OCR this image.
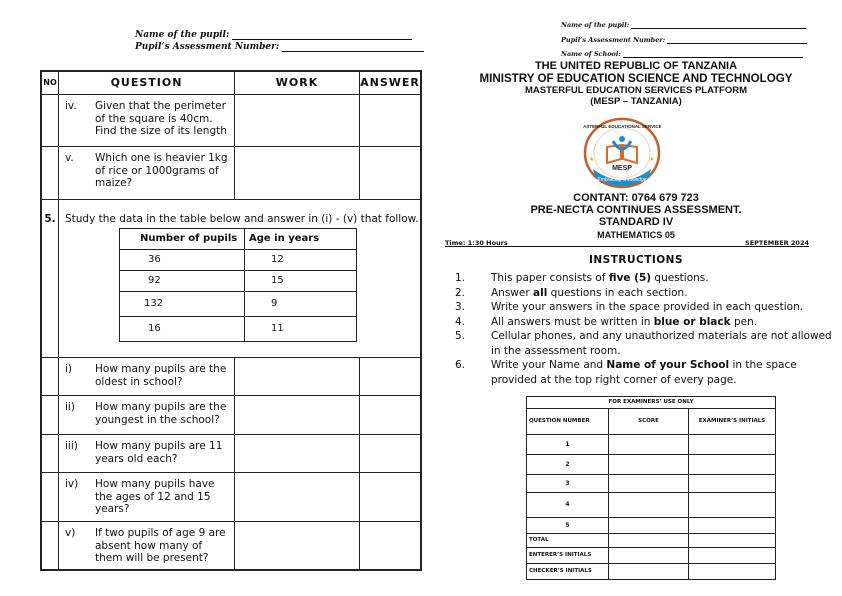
Name of the pupil:
Pupil’s Assessment Number:
NO	QUESTION	WORK	ANSWER
iv.	Given that the perimeter of the square is 40cm. Find the size of its length
v.	Which one is heavier 1kg of rice or 1000grams of maize?
5. Study the data in the table below and answer in (i) - (v) that follow.
i)	How many pupils are the oldest in school?
ii)	How many pupils are the youngest in the school?
iii)	How many pupils are 11 years old each?
iv)	How many pupils have the ages of 12 and 15 years?
v)	If two pupils of age 9 are absent how many of them will be present?
Number of pupils	Age in years
36	12
92	15
132	9
16	11
Name of the pupil:
Pupil’s Assessment Number:
Name of School:
THE UNITED REPUBLIC OF TANZANIA
MINISTRY OF EDUCATION SCIENCE AND TECHNOLOGY
MASTERFUL EDUCATION SERVICES PLATFORM
(MESP – TANZANIA)
MASTERFUL EDUCATIONAL SERVICES
MESP
Embracing knowledge
★	★
CONTANT: 0764 679 723
PRE-NECTA CONTINUES ASSESSMENT.
STANDARD IV
MATHEMATICS 05
Time: 1:30 Hours	SEPTEMBER 2024
INSTRUCTIONS
1.	This paper consists of five (5) questions.
2.	Answer all questions in each section.
3.	Write your answers in the space provided in each question.
4.	All answers must be written in blue or black pen.
5.	Cellular phones, and any unauthorized materials are not allowed in the assessment room.
6.	Write your Name and Name of your School in the space provided at the top right corner of every page.
FOR EXAMINERS’ USE ONLY
QUESTION NUMBER	SCORE	EXAMINER’S INITIALS
1
2
3
4
5
TOTAL
ENTERER’S INITIALS
CHECKER’S INITIALS
